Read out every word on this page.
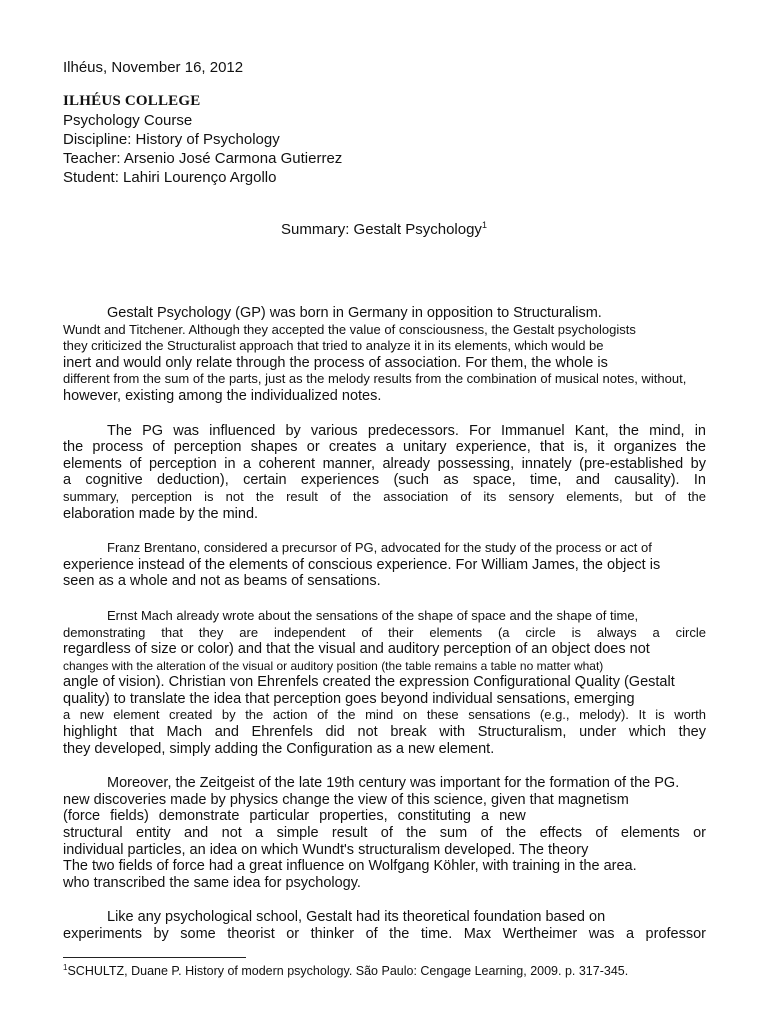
Ilhéus, November 16, 2012
ILHÉUS COLLEGE
Psychology Course
Discipline: History of Psychology
Teacher: Arsenio José Carmona Gutierrez
Student: Lahiri Lourenço Argollo
Summary: Gestalt Psychology$^1$
Gestalt Psychology (GP) was born in Germany in opposition to Structuralism.
Wundt and Titchener. Although they accepted the value of consciousness, the Gestalt psychologists
they criticized the Structuralist approach that tried to analyze it in its elements, which would be
inert and would only relate through the process of association. For them, the whole is
different from the sum of the parts, just as the melody results from the combination of musical notes, without,
however, existing among the individualized notes.
The PG was influenced by various predecessors. For Immanuel Kant, the mind, in
the process of perception shapes or creates a unitary experience, that is, it organizes the
elements of perception in a coherent manner, already possessing, innately (pre-established by
a cognitive deduction), certain experiences (such as space, time, and causality). In
summary, perception is not the result of the association of its sensory elements, but of the
elaboration made by the mind.
Franz Brentano, considered a precursor of PG, advocated for the study of the process or act of
experience instead of the elements of conscious experience. For William James, the object is
seen as a whole and not as beams of sensations.
Ernst Mach already wrote about the sensations of the shape of space and the shape of time,
demonstrating that they are independent of their elements (a circle is always a circle
regardless of size or color) and that the visual and auditory perception of an object does not
changes with the alteration of the visual or auditory position (the table remains a table no matter what)
angle of vision). Christian von Ehrenfels created the expression Configurational Quality (Gestalt
quality) to translate the idea that perception goes beyond individual sensations, emerging
a new element created by the action of the mind on these sensations (e.g., melody). It is worth
highlight that Mach and Ehrenfels did not break with Structuralism, under which they
they developed, simply adding the Configuration as a new element.
Moreover, the Zeitgeist of the late 19th century was important for the formation of the PG.
new discoveries made by physics change the view of this science, given that magnetism
(force fields) demonstrate particular properties, constituting a new
structural entity and not a simple result of the sum of the effects of elements or
individual particles, an idea on which Wundt's structuralism developed. The theory
The two fields of force had a great influence on Wolfgang Köhler, with training in the area.
who transcribed the same idea for psychology.
Like any psychological school, Gestalt had its theoretical foundation based on
experiments by some theorist or thinker of the time. Max Wertheimer was a professor
$^1$SCHULTZ, Duane P. History of modern psychology. São Paulo: Cengage Learning, 2009. p. 317-345.
